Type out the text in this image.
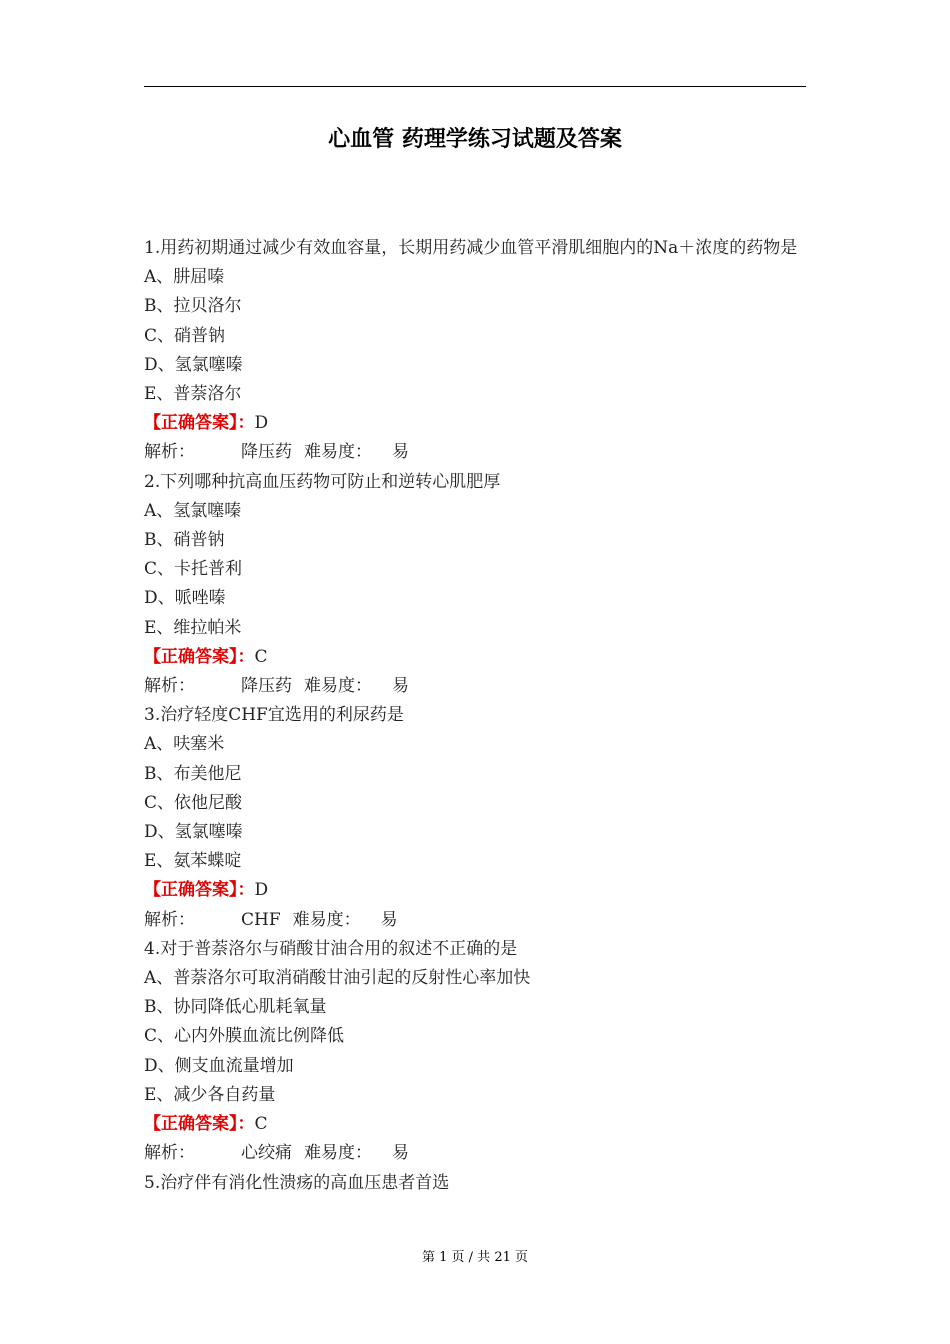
心血管 药理学练习试题及答案
1.用药初期通过减少有效血容量，长期用药减少血管平滑肌细胞内的Na＋浓度的药物是
A、肼屈嗪
B、拉贝洛尔
C、硝普钠
D、氢氯噻嗪
E、普萘洛尔
【正确答案】：D
解析：	降压药 难易度： 易
2.下列哪种抗高血压药物可防止和逆转心肌肥厚
A、氢氯噻嗪
B、硝普钠
C、卡托普利
D、哌唑嗪
E、维拉帕米
【正确答案】：C
解析：	降压药 难易度： 易
3.治疗轻度CHF宜选用的利尿药是
A、呋塞米
B、布美他尼
C、依他尼酸
D、氢氯噻嗪
E、氨苯蝶啶
【正确答案】：D
解析：	CHF 难易度： 易
4.对于普萘洛尔与硝酸甘油合用的叙述不正确的是
A、普萘洛尔可取消硝酸甘油引起的反射性心率加快
B、协同降低心肌耗氧量
C、心内外膜血流比例降低
D、侧支血流量增加
E、减少各自药量
【正确答案】：C
解析：	心绞痛 难易度： 易
5.治疗伴有消化性溃疡的高血压患者首选
第 1 页 / 共 21 页
